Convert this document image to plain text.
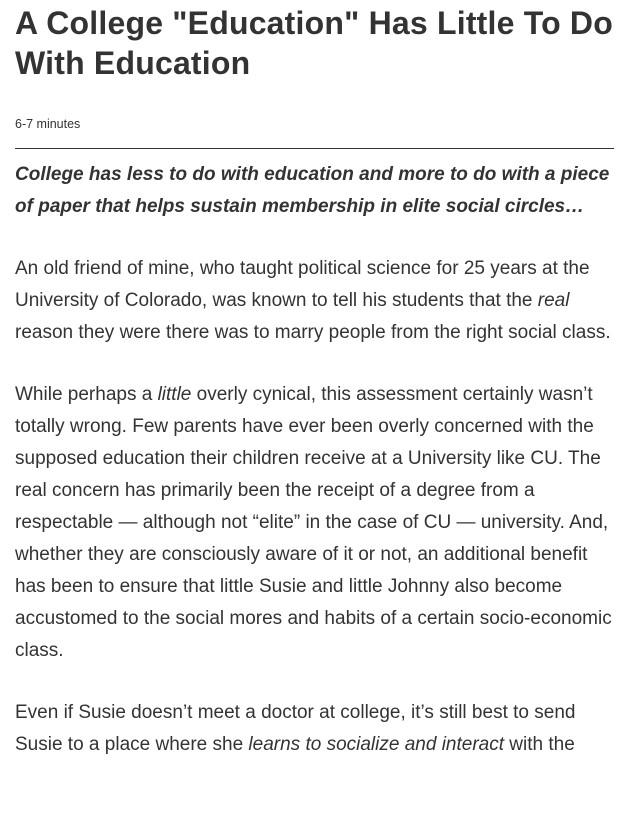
A College "Education" Has Little To Do With Education
6-7 minutes

College has less to do with education and more to do with a piece of paper that helps sustain membership in elite social circles…

An old friend of mine, who taught political science for 25 years at the University of Colorado, was known to tell his students that the real reason they were there was to marry people from the right social class.

While perhaps a little overly cynical, this assessment certainly wasn’t totally wrong. Few parents have ever been overly concerned with the supposed education their children receive at a University like CU. The real concern has primarily been the receipt of a degree from a respectable — although not “elite” in the case of CU — university. And, whether they are consciously aware of it or not, an additional benefit has been to ensure that little Susie and little Johnny also become accustomed to the social mores and habits of a certain socio-economic class.

Even if Susie doesn’t meet a doctor at college, it’s still best to send Susie to a place where she learns to socialize and interact with the
